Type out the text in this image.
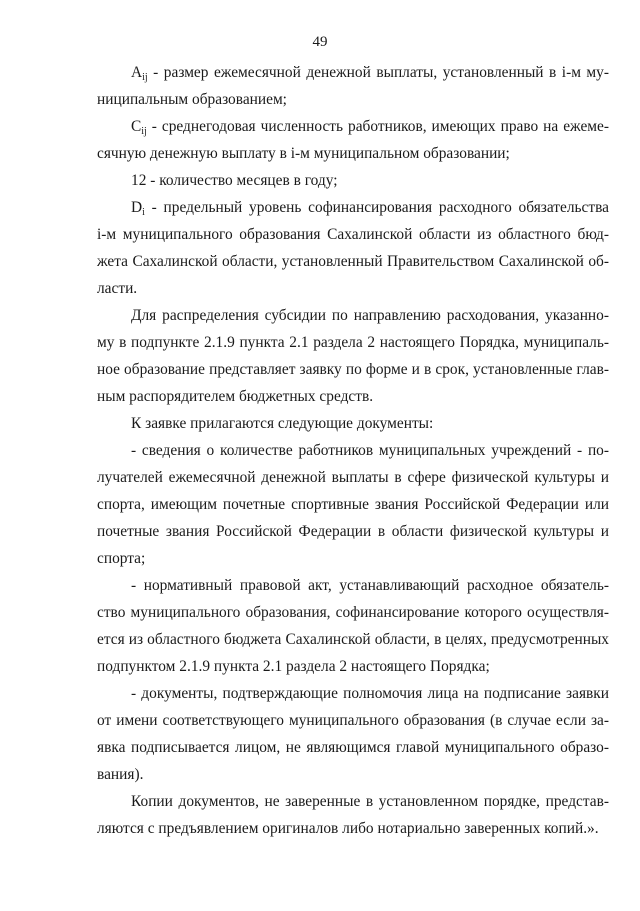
49
$A_{ij}$ - размер ежемесячной денежной выплаты, установленный в i-м му-
ниципальным образованием;
$C_{ij}$ - среднегодовая численность работников, имеющих право на ежеме-
сячную денежную выплату в i-м муниципальном образовании;
12 - количество месяцев в году;
$D_i$ - предельный уровень софинансирования расходного обязательства
i-м муниципального образования Сахалинской области из областного бюд-
жета Сахалинской области, установленный Правительством Сахалинской об-
ласти.
Для распределения субсидии по направлению расходования, указанно-
му в подпункте 2.1.9 пункта 2.1 раздела 2 настоящего Порядка, муниципаль-
ное образование представляет заявку по форме и в срок, установленные глав-
ным распорядителем бюджетных средств.
К заявке прилагаются следующие документы:
- сведения о количестве работников муниципальных учреждений - по-
лучателей ежемесячной денежной выплаты в сфере физической культуры и
спорта, имеющим почетные спортивные звания Российской Федерации или
почетные звания Российской Федерации в области физической культуры и
спорта;
- нормативный правовой акт, устанавливающий расходное обязатель-
ство муниципального образования, софинансирование которого осуществля-
ется из областного бюджета Сахалинской области, в целях, предусмотренных
подпунктом 2.1.9 пункта 2.1 раздела 2 настоящего Порядка;
- документы, подтверждающие полномочия лица на подписание заявки
от имени соответствующего муниципального образования (в случае если за-
явка подписывается лицом, не являющимся главой муниципального образо-
вания).
Копии документов, не заверенные в установленном порядке, представ-
ляются с предъявлением оригиналов либо нотариально заверенных копий.».
